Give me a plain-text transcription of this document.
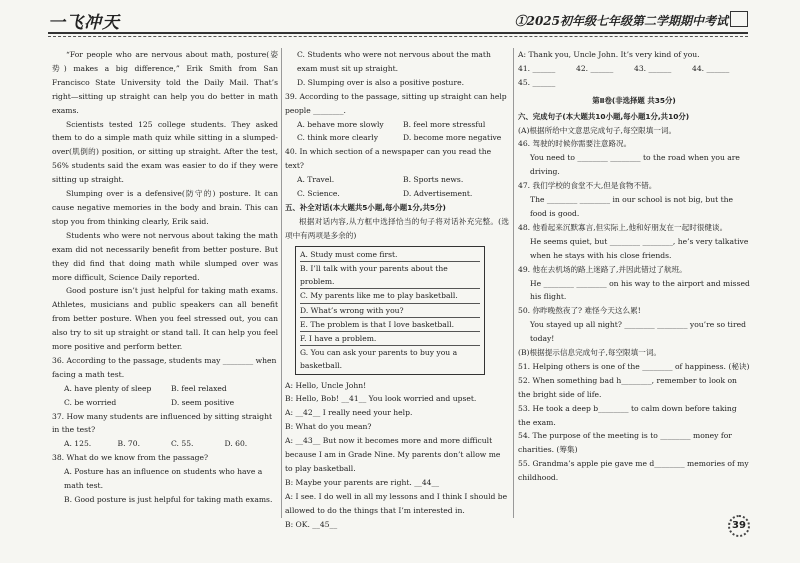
一飞冲天	①2025初年级七年级第二学期期中考试

“For people who are nervous about math, posture(姿势) makes a big difference,” Erik Smith from San Francisco State University told the Daily Mail. That’s right—sitting up straight can help you do better in math exams.

Scientists tested 125 college students. They asked them to do a simple math quiz while sitting in a slumped-over(肌倒的) position, or sitting up straight. After the test, 56% students said the exam was easier to do if they were sitting up straight.

Slumping over is a defensive(防守的) posture. It can cause negative memories in the body and brain. This can stop you from thinking clearly, Erik said.

Students who were not nervous about taking the math exam did not necessarily benefit from better posture. But they did find that doing math while slumped over was more difficult, Science Daily reported.

Good posture isn’t just helpful for taking math exams. Athletes, musicians and public speakers can all benefit from better posture. When you feel stressed out, you can also try to sit up straight or stand tall. It can help you feel more positive and perform better.

36. According to the passage, students may ________ when facing a math test.

A. have plenty of sleep	B. feel relaxed
C. be worried	D. seem positive

37. How many students are influenced by sitting straight in the test?

A. 125.	B. 70.	C. 55.	D. 60.

38. What do we know from the passage?

A. Posture has an influence on students who have a math test.

B. Good posture is just helpful for taking math exams.

C. Students who were not nervous about the math exam must sit up straight.

D. Slumping over is also a positive posture.

39. According to the passage, sitting up straight can help people ________.

A. behave more slowly	B. feel more stressful
C. think more clearly	D. become more negative

40. In which section of a newspaper can you read the text?

A. Travel.	B. Sports news.
C. Science.	D. Advertisement.

五、补全对话(本大题共5小题,每小题1分,共5分)

根据对话内容,从方框中选择恰当的句子将对话补充完整。(选项中有两项是多余的)

A. Study must come first.
B. I’ll talk with your parents about the problem.
C. My parents like me to play basketball.
D. What’s wrong with you?
E. The problem is that I love basketball.
F. I have a problem.
G. You can ask your parents to buy you a basketball.

A: Hello, Uncle John!

B: Hello, Bob! __41__ You look worried and upset.

A: __42__ I really need your help.

B: What do you mean?

A: __43__ But now it becomes more and more difficult because I am in Grade Nine. My parents don’t allow me to play basketball.

B: Maybe your parents are right. __44__

A: I see. I do well in all my lessons and I think I should be allowed to do the things that I’m interested in.

B: OK. __45__

A: Thank you, Uncle John. It’s very kind of you.

41. ______	42. ______	43. ______	44. ______

45. ______

第Ⅱ卷(非选择题 共35分)

六、完成句子(本大题共10小题,每小题1分,共10分)

(A)根据所给中文意思完成句子,每空限填一词。

46. 驾驶的时候你需要注意路况。

You need to ________ ________ to the road when you are driving.

47. 我们学校的食堂不大,但是食物不错。

The ________ ________ in our school is not big, but the food is good.

48. 他看起来沉默寡言,但实际上,他和好朋友在一起时很健谈。

He seems quiet, but ________ ________, he’s very talkative when he stays with his close friends.

49. 他在去机场的路上迷路了,并因此错过了航班。

He ________ ________ on his way to the airport and missed his flight.

50. 你昨晚熬夜了? 难怪今天这么累!

You stayed up all night? ________ ________ you’re so tired today!

(B)根据提示信息完成句子,每空限填一词。

51. Helping others is one of the ________ of happiness. (秘诀)

52. When something bad h________, remember to look on the bright side of life.

53. He took a deep b________ to calm down before taking the exam.

54. The purpose of the meeting is to ________ money for charities. (筹集)

55. Grandma’s apple pie gave me d________ memories of my childhood.

39
